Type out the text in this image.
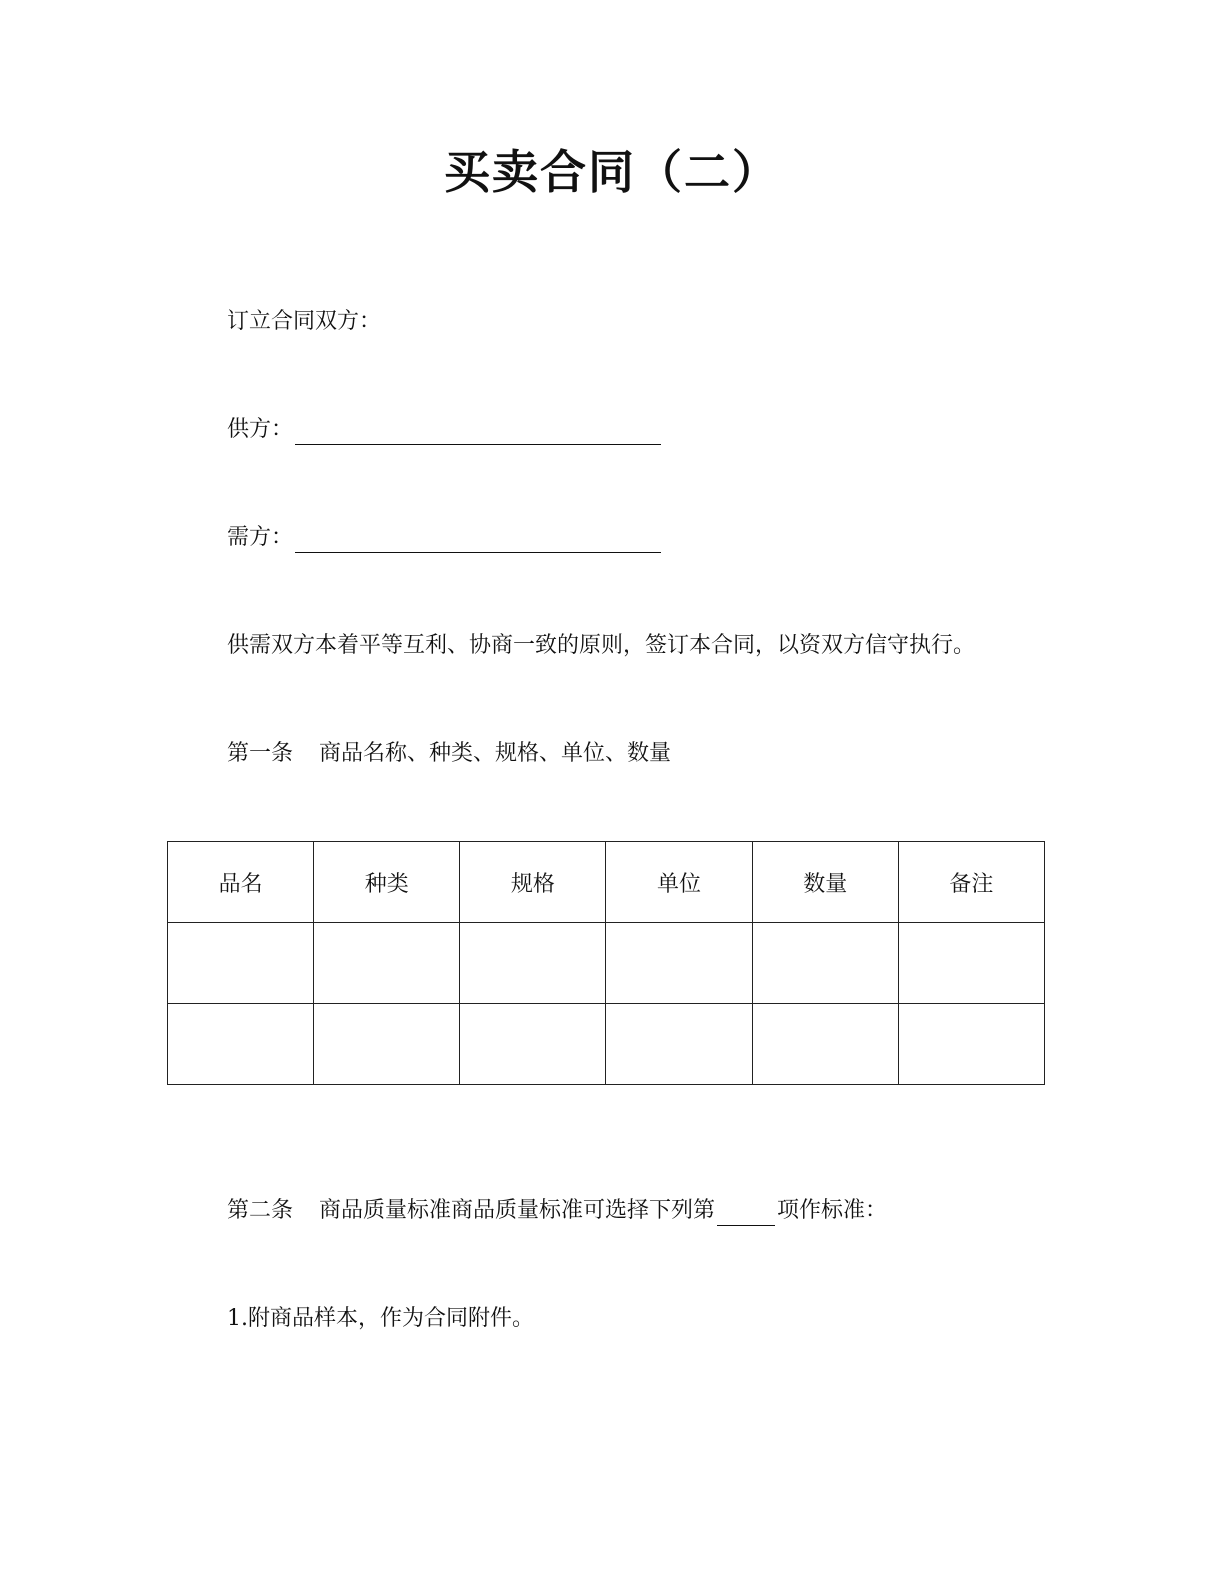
买卖合同（二）
订立合同双方：
供方：
需方：
供需双方本着平等互利、协商一致的原则，签订本合同，以资双方信守执行。
第一条 商品名称、种类、规格、单位、数量
品名	种类	规格	单位	数量	备注

第二条 商品质量标准商品质量标准可选择下列第	项作标准：
1.附商品样本，作为合同附件。
